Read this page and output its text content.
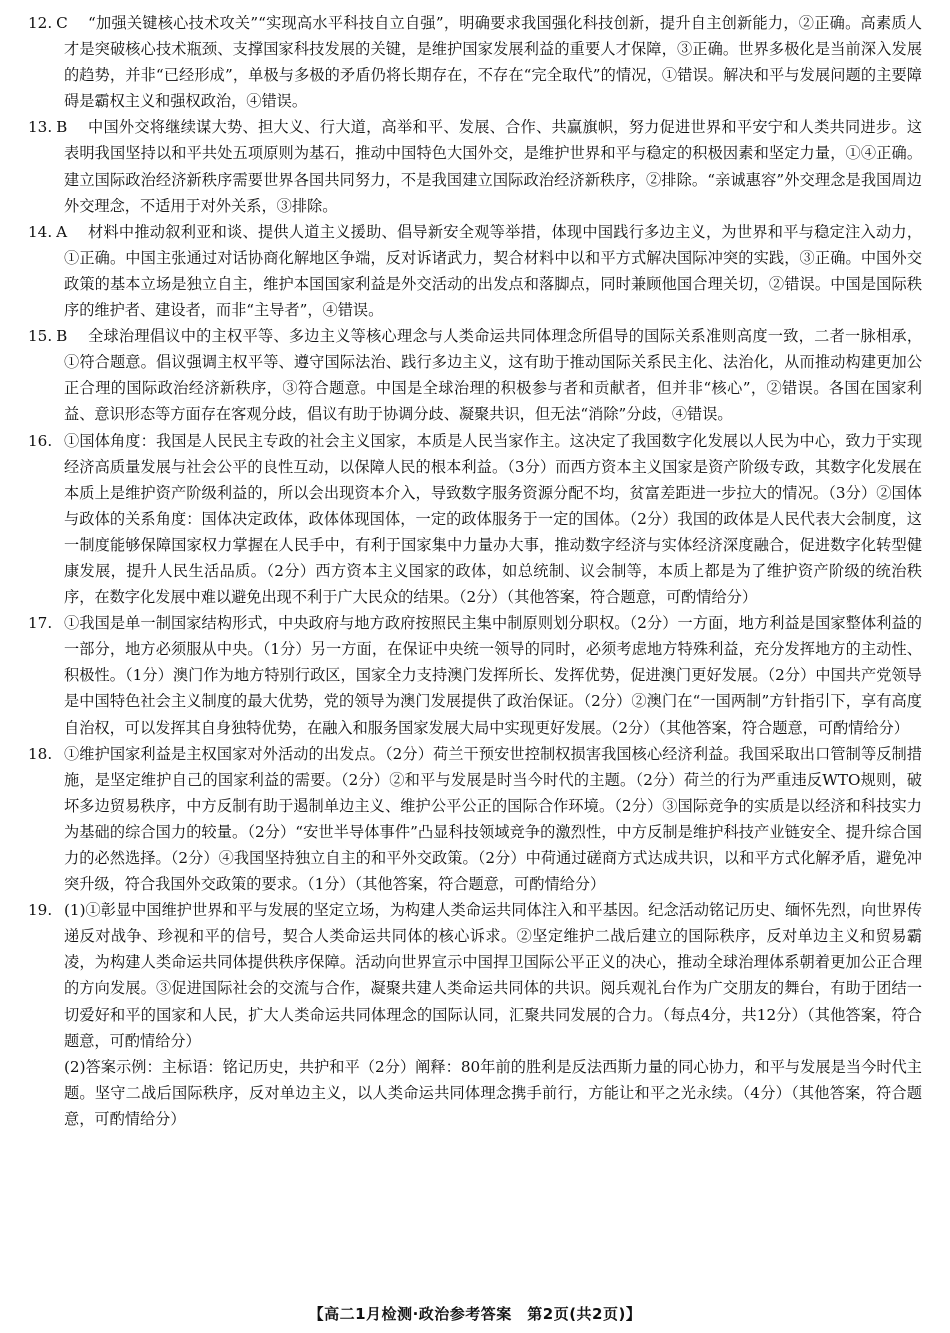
12. C “加强关键核心技术攻关”“实现高水平科技自立自强”，明确要求我国强化科技创新，提升自主创新能力，②正确。高素质人才是突破核心技术瓶颈、支撑国家科技发展的关键，是维护国家发展利益的重要人才保障，③正确。世界多极化是当前深入发展的趋势，并非“已经形成”，单极与多极的矛盾仍将长期存在，不存在“完全取代”的情况，①错误。解决和平与发展问题的主要障碍是霸权主义和强权政治，④错误。

13. B 中国外交将继续谋大势、担大义、行大道，高举和平、发展、合作、共赢旗帜，努力促进世界和平安宁和人类共同进步。这表明我国坚持以和平共处五项原则为基石，推动中国特色大国外交，是维护世界和平与稳定的积极因素和坚定力量，①④正确。建立国际政治经济新秩序需要世界各国共同努力，不是我国建立国际政治经济新秩序，②排除。“亲诚惠容”外交理念是我国周边外交理念，不适用于对外关系，③排除。

14. A 材料中推动叙利亚和谈、提供人道主义援助、倡导新安全观等举措，体现中国践行多边主义，为世界和平与稳定注入动力，①正确。中国主张通过对话协商化解地区争端，反对诉诸武力，契合材料中以和平方式解决国际冲突的实践，③正确。中国外交政策的基本立场是独立自主，维护本国国家利益是外交活动的出发点和落脚点，同时兼顾他国合理关切，②错误。中国是国际秩序的维护者、建设者，而非“主导者”，④错误。

15. B 全球治理倡议中的主权平等、多边主义等核心理念与人类命运共同体理念所倡导的国际关系准则高度一致，二者一脉相承，①符合题意。倡议强调主权平等、遵守国际法治、践行多边主义，这有助于推动国际关系民主化、法治化，从而推动构建更加公正合理的国际政治经济新秩序，③符合题意。中国是全球治理的积极参与者和贡献者，但并非“核心”，②错误。各国在国家利益、意识形态等方面存在客观分歧，倡议有助于协调分歧、凝聚共识，但无法“消除”分歧，④错误。

16. ①国体角度：我国是人民民主专政的社会主义国家，本质是人民当家作主。这决定了我国数字化发展以人民为中心，致力于实现经济高质量发展与社会公平的良性互动，以保障人民的根本利益。（3分）而西方资本主义国家是资产阶级专政，其数字化发展在本质上是维护资产阶级利益的，所以会出现资本介入，导致数字服务资源分配不均，贫富差距进一步拉大的情况。（3分）②国体与政体的关系角度：国体决定政体，政体体现国体，一定的政体服务于一定的国体。（2分）我国的政体是人民代表大会制度，这一制度能够保障国家权力掌握在人民手中，有利于国家集中力量办大事，推动数字经济与实体经济深度融合，促进数字化转型健康发展，提升人民生活品质。（2分）西方资本主义国家的政体，如总统制、议会制等，本质上都是为了维护资产阶级的统治秩序，在数字化发展中难以避免出现不利于广大民众的结果。（2分）（其他答案，符合题意，可酌情给分）

17. ①我国是单一制国家结构形式，中央政府与地方政府按照民主集中制原则划分职权。（2分）一方面，地方利益是国家整体利益的一部分，地方必须服从中央。（1分）另一方面，在保证中央统一领导的同时，必须考虑地方特殊利益，充分发挥地方的主动性、积极性。（1分）澳门作为地方特别行政区，国家全力支持澳门发挥所长、发挥优势，促进澳门更好发展。（2分）中国共产党领导是中国特色社会主义制度的最大优势，党的领导为澳门发展提供了政治保证。（2分）②澳门在“一国两制”方针指引下，享有高度自治权，可以发挥其自身独特优势，在融入和服务国家发展大局中实现更好发展。（2分）（其他答案，符合题意，可酌情给分）

18. ①维护国家利益是主权国家对外活动的出发点。（2分）荷兰干预安世控制权损害我国核心经济利益。我国采取出口管制等反制措施，是坚定维护自己的国家利益的需要。（2分）②和平与发展是时当今时代的主题。（2分）荷兰的行为严重违反WTO规则，破坏多边贸易秩序，中方反制有助于遏制单边主义、维护公平公正的国际合作环境。（2分）③国际竞争的实质是以经济和科技实力为基础的综合国力的较量。（2分）“安世半导体事件”凸显科技领域竞争的激烈性，中方反制是维护科技产业链安全、提升综合国力的必然选择。（2分）④我国坚持独立自主的和平外交政策。（2分）中荷通过磋商方式达成共识，以和平方式化解矛盾，避免冲突升级，符合我国外交政策的要求。（1分）（其他答案，符合题意，可酌情给分）

19. (1)①彰显中国维护世界和平与发展的坚定立场，为构建人类命运共同体注入和平基因。纪念活动铭记历史、缅怀先烈，向世界传递反对战争、珍视和平的信号，契合人类命运共同体的核心诉求。②坚定维护二战后建立的国际秩序，反对单边主义和贸易霸凌，为构建人类命运共同体提供秩序保障。活动向世界宣示中国捍卫国际公平正义的决心，推动全球治理体系朝着更加公正合理的方向发展。③促进国际社会的交流与合作，凝聚共建人类命运共同体的共识。阅兵观礼台作为广交朋友的舞台，有助于团结一切爱好和平的国家和人民，扩大人类命运共同体理念的国际认同，汇聚共同发展的合力。（每点4分，共12分）（其他答案，符合题意，可酌情给分）
(2)答案示例：主标语：铭记历史，共护和平（2分）阐释：80年前的胜利是反法西斯力量的同心协力，和平与发展是当今时代主题。坚守二战后国际秩序，反对单边主义，以人类命运共同体理念携手前行，方能让和平之光永续。（4分）（其他答案，符合题意，可酌情给分）

【高二1月检测·政治参考答案　第2页(共2页)】
